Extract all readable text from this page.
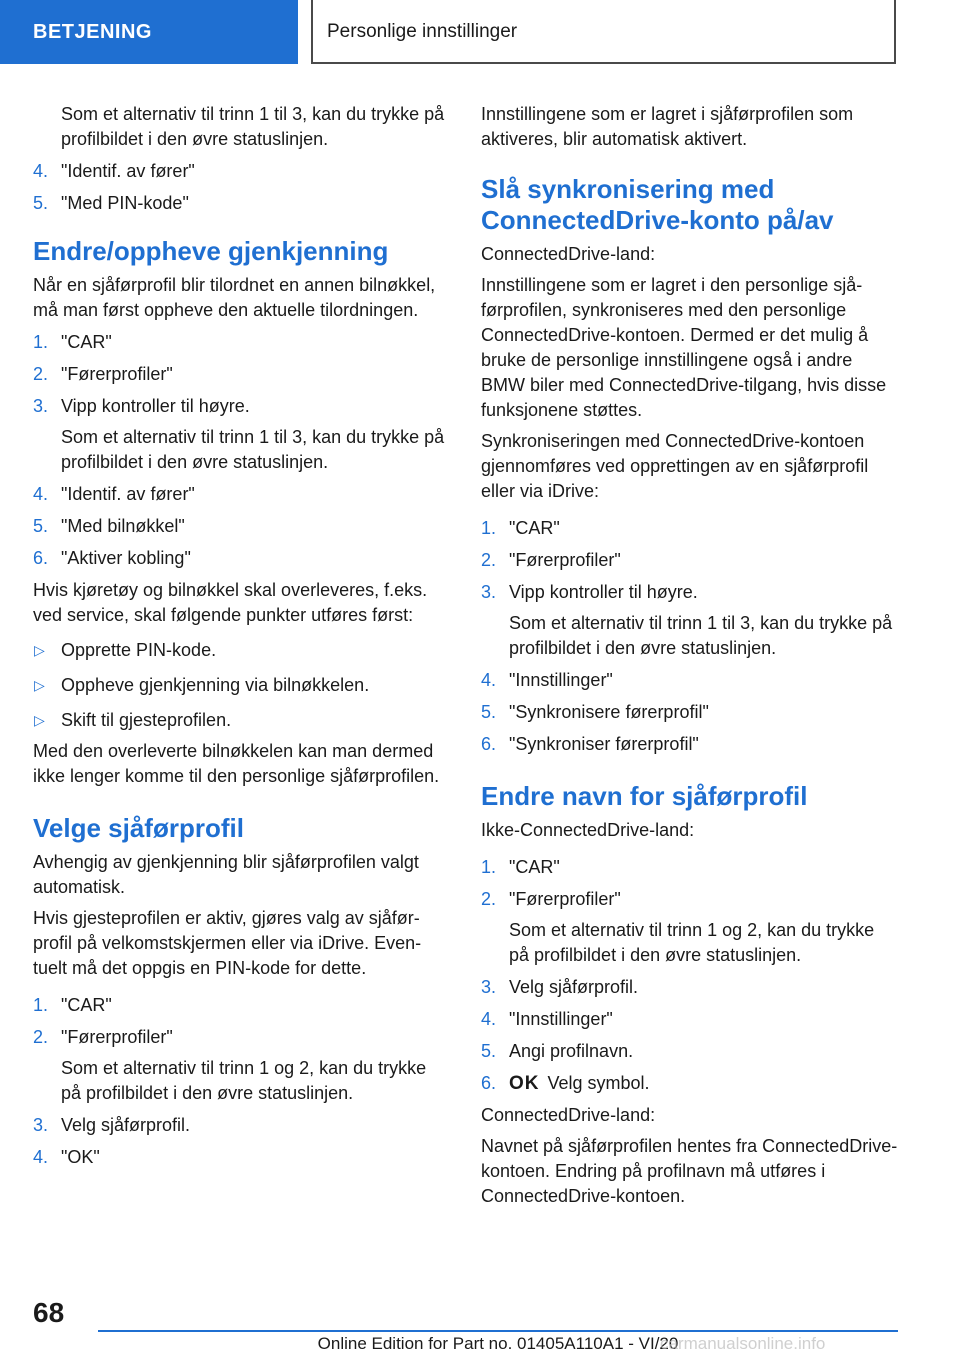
BETJENING	Personlige innstillinger
Som et alternativ til trinn 1 til 3, kan du trykke på profilbildet i den øvre statuslinjen.
4. "Identif. av fører"
5. "Med PIN-kode"
Endre/oppheve gjenkjenning
Når en sjåførprofil blir tilordnet en annen bilnøkkel, må man først oppheve den aktuelle tilordningen.
1. "CAR"
2. "Førerprofiler"
3. Vipp kontroller til høyre.
Som et alternativ til trinn 1 til 3, kan du trykke på profilbildet i den øvre statuslinjen.
4. "Identif. av fører"
5. "Med bilnøkkel"
6. "Aktiver kobling"
Hvis kjøretøy og bilnøkkel skal overleveres, f.eks. ved service, skal følgende punkter utføres først:
▷ Opprette PIN-kode.
▷ Oppheve gjenkjenning via bilnøkkelen.
▷ Skift til gjesteprofilen.
Med den overleverte bilnøkkelen kan man dermed ikke lenger komme til den personlige sjåførprofilen.
Velge sjåførprofil
Avhengig av gjenkjenning blir sjåførprofilen valgt automatisk.
Hvis gjesteprofilen er aktiv, gjøres valg av sjåførprofil på velkomstskjermen eller via iDrive. Eventuelt må det oppgis en PIN-kode for dette.
1. "CAR"
2. "Førerprofiler"
Som et alternativ til trinn 1 og 2, kan du trykke på profilbildet i den øvre statuslinjen.
3. Velg sjåførprofil.
4. "OK"
Innstillingene som er lagret i sjåførprofilen som aktiveres, blir automatisk aktivert.
Slå synkronisering med ConnectedDrive-konto på/av
ConnectedDrive-land:
Innstillingene som er lagret i den personlige sjåførprofilen, synkroniseres med den personlige ConnectedDrive-kontoen. Dermed er det mulig å bruke de personlige innstillingene også i andre BMW biler med ConnectedDrive-tilgang, hvis disse funksjonene støttes.
Synkroniseringen med ConnectedDrive-kontoen gjennomføres ved opprettingen av en sjåførprofil eller via iDrive:
1. "CAR"
2. "Førerprofiler"
3. Vipp kontroller til høyre.
Som et alternativ til trinn 1 til 3, kan du trykke på profilbildet i den øvre statuslinjen.
4. "Innstillinger"
5. "Synkronisere førerprofil"
6. "Synkroniser førerprofil"
Endre navn for sjåførprofil
Ikke-ConnectedDrive-land:
1. "CAR"
2. "Førerprofiler"
Som et alternativ til trinn 1 og 2, kan du trykke på profilbildet i den øvre statuslinjen.
3. Velg sjåførprofil.
4. "Innstillinger"
5. Angi profilnavn.
6. OK Velg symbol.
ConnectedDrive-land:
Navnet på sjåførprofilen hentes fra ConnectedDrive-kontoen. Endring på profilnavn må utføres i ConnectedDrive-kontoen.
68
Online Edition for Part no. 01405A110A1 - VI/20
carmanualsonline.info
